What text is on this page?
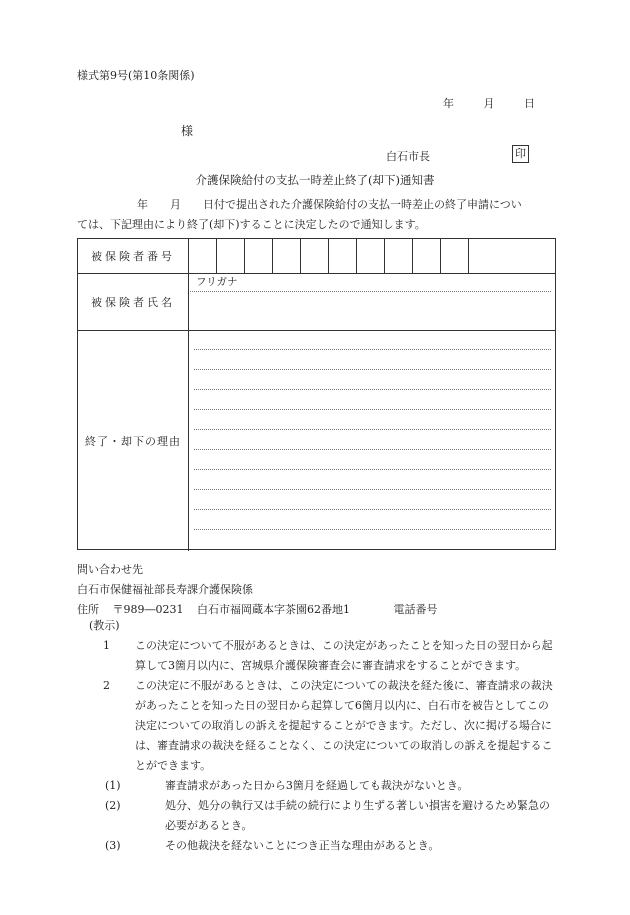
様式第9号(第10条関係)
年	月	日
様
白石市長	印
介護保険給付の支払一時差止終了(却下)通知書
年　　月　　日付で提出された介護保険給付の支払一時差止の終了申請につい
ては、下記理由により終了(却下)することに決定したので通知します。
被保険者番号
被保険者氏名
フリガナ
終了・却下の理由
問い合わせ先
白石市保健福祉部長寿課介護保険係
住所 〒989―0231 白石市福岡蔵本字茶園62番地1	電話番号
(教示)
1 この決定について不服があるときは、この決定があったことを知った日の翌日から起算して3箇月以内に、宮城県介護保険審査会に審査請求をすることができます。
2 この決定に不服があるときは、この決定についての裁決を経た後に、審査請求の裁決があったことを知った日の翌日から起算して6箇月以内に、白石市を被告としてこの決定についての取消しの訴えを提起することができます。ただし、次に掲げる場合には、審査請求の裁決を経ることなく、この決定についての取消しの訴えを提起することができます。
(1)	審査請求があった日から3箇月を経過しても裁決がないとき。
(2)	処分、処分の執行又は手続の続行により生ずる著しい損害を避けるため緊急の必要があるとき。
(3)	その他裁決を経ないことにつき正当な理由があるとき。
